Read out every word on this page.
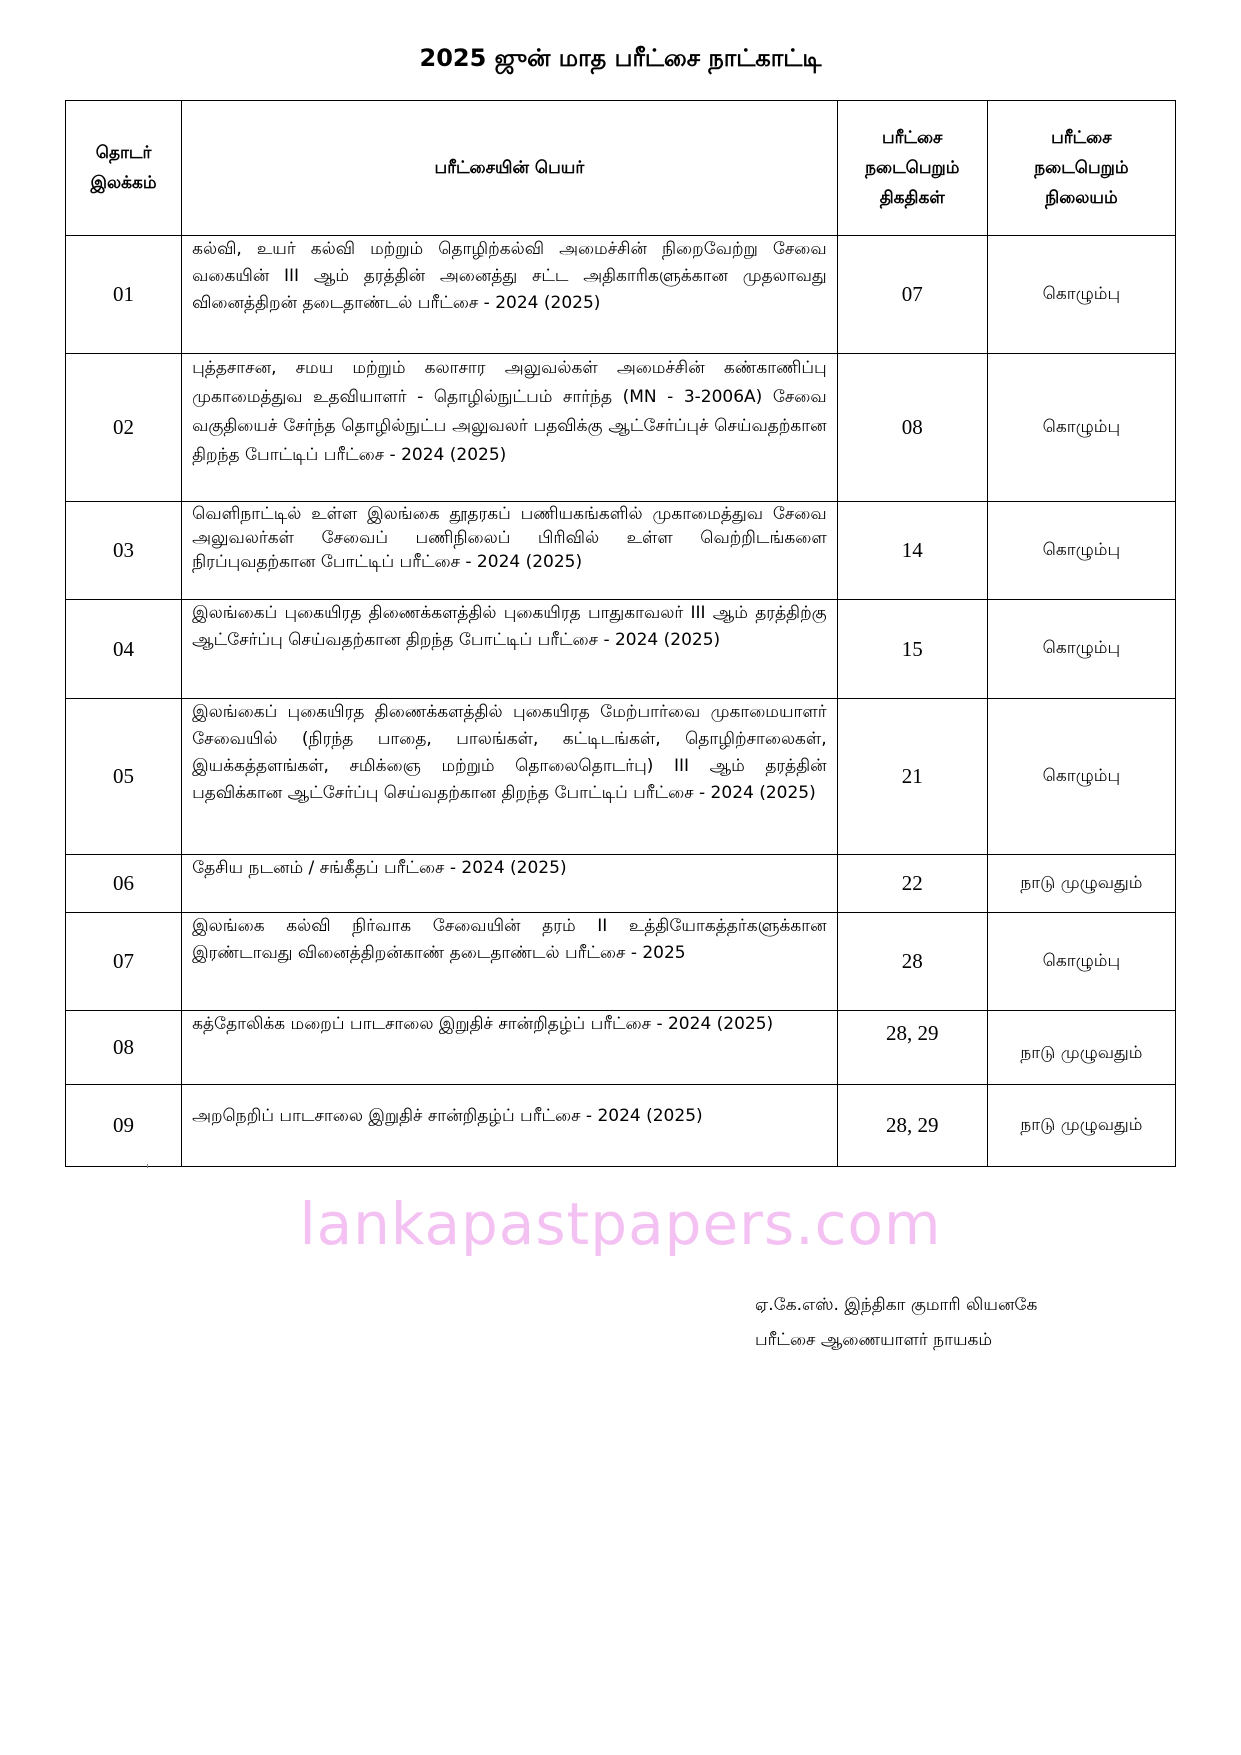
2025 ஜுன் மாத பரீட்சை நாட்காட்டி
தொடர் இலக்கம்	பரீட்சையின் பெயர்	பரீட்சை நடைபெறும் திகதிகள்	பரீட்சை நடைபெறும் நிலையம்

01	கல்வி, உயர் கல்வி மற்றும் தொழிற்கல்வி அமைச்சின் நிறைவேற்று சேவை வகையின் III ஆம் தரத்தின் அனைத்து சட்ட அதிகாரிகளுக்கான முதலாவது வினைத்திறன் தடைதாண்டல் பரீட்சை - 2024 (2025)	07	கொழும்பு
02	புத்தசாசன, சமய மற்றும் கலாசார அலுவல்கள் அமைச்சின் கண்காணிப்பு முகாமைத்துவ உதவியாளர் - தொழில்நுட்பம் சார்ந்த (MN - 3-2006A) சேவை வகுதியைச் சேர்ந்த தொழில்நுட்ப அலுவலர் பதவிக்கு ஆட்சேர்ப்புச் செய்வதற்கான திறந்த போட்டிப் பரீட்சை - 2024 (2025)	08	கொழும்பு
03	வெளிநாட்டில் உள்ள இலங்கை தூதரகப் பணியகங்களில் முகாமைத்துவ சேவை அலுவலர்கள் சேவைப் பணிநிலைப் பிரிவில் உள்ள வெற்றிடங்களை நிரப்புவதற்கான போட்டிப் பரீட்சை - 2024 (2025)	14	கொழும்பு
04	இலங்கைப் புகையிரத திணைக்களத்தில் புகையிரத பாதுகாவலர் III ஆம் தரத்திற்கு ஆட்சேர்ப்பு செய்வதற்கான திறந்த போட்டிப் பரீட்சை - 2024 (2025)	15	கொழும்பு
05	இலங்கைப் புகையிரத திணைக்களத்தில் புகையிரத மேற்பார்வை முகாமையாளர் சேவையில் (நிரந்த பாதை, பாலங்கள், கட்டிடங்கள், தொழிற்சாலைகள், இயக்கத்தளங்கள், சமிக்ஞை மற்றும் தொலைதொடர்பு) III ஆம் தரத்தின் பதவிக்கான ஆட்சேர்ப்பு செய்வதற்கான திறந்த போட்டிப் பரீட்சை - 2024 (2025)	21	கொழும்பு
06	தேசிய நடனம் / சங்கீதப் பரீட்சை - 2024 (2025)	22	நாடு முழுவதும்
07	இலங்கை கல்வி நிர்வாக சேவையின் தரம் II உத்தியோகத்தர்களுக்கான இரண்டாவது வினைத்திறன்காண் தடைதாண்டல் பரீட்சை - 2025	28	கொழும்பு
08	கத்தோலிக்க மறைப் பாடசாலை இறுதிச் சான்றிதழ்ப் பரீட்சை - 2024 (2025)	28, 29	நாடு முழுவதும்
09	அறநெறிப் பாடசாலை இறுதிச் சான்றிதழ்ப் பரீட்சை - 2024 (2025)	28, 29	நாடு முழுவதும்
lankapastpapers.com
ஏ.கே.எஸ். இந்திகா குமாரி லியனகே
பரீட்சை ஆணையாளர் நாயகம்
